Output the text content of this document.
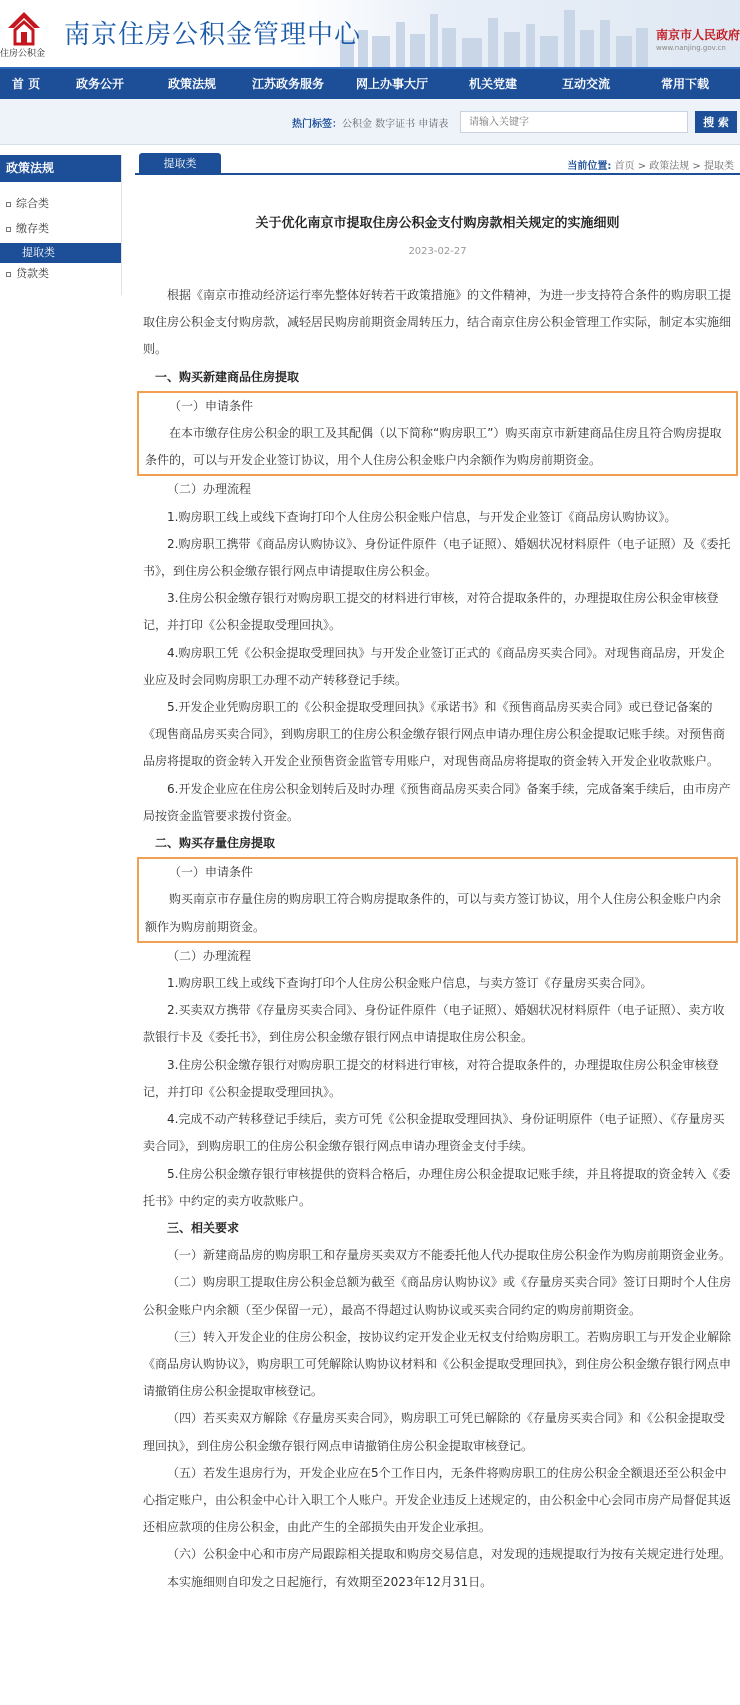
住房公积金
南京住房公积金管理中心	南京市人民政府
www.nanjing.gov.cn
首 页	政务公开	政策法规	江苏政务服务	网上办事大厅	机关党建	互动交流	常用下载
热门标签：公积金 数字证书 申请表
请输入关键字	搜 索
政策法规
综合类
缴存类
提取类
贷款类
提取类	当前位置: 首页 > 政策法规 > 提取类
关于优化南京市提取住房公积金支付购房款相关规定的实施细则
2023-02-27
根据《南京市推动经济运行率先整体好转若干政策措施》的文件精神，为进一步支持符合条件的购房职工提取住房公积金支付购房款，减轻居民购房前期资金周转压力，结合南京住房公积金管理工作实际，制定本实施细则。
一、购买新建商品住房提取
（一）申请条件
在本市缴存住房公积金的职工及其配偶（以下简称“购房职工”）购买南京市新建商品住房且符合购房提取条件的，可以与开发企业签订协议，用个人住房公积金账户内余额作为购房前期资金。
（二）办理流程
1.购房职工线上或线下查询打印个人住房公积金账户信息，与开发企业签订《商品房认购协议》。
2.购房职工携带《商品房认购协议》、身份证件原件（电子证照）、婚姻状况材料原件（电子证照）及《委托书》，到住房公积金缴存银行网点申请提取住房公积金。
3.住房公积金缴存银行对购房职工提交的材料进行审核，对符合提取条件的，办理提取住房公积金审核登记，并打印《公积金提取受理回执》。
4.购房职工凭《公积金提取受理回执》与开发企业签订正式的《商品房买卖合同》。对现售商品房，开发企业应及时会同购房职工办理不动产转移登记手续。
5.开发企业凭购房职工的《公积金提取受理回执》《承诺书》和《预售商品房买卖合同》或已登记备案的《现售商品房买卖合同》，到购房职工的住房公积金缴存银行网点申请办理住房公积金提取记账手续。对预售商品房将提取的资金转入开发企业预售资金监管专用账户，对现售商品房将提取的资金转入开发企业收款账户。
6.开发企业应在住房公积金划转后及时办理《预售商品房买卖合同》备案手续，完成备案手续后，由市房产局按资金监管要求拨付资金。
二、购买存量住房提取
（一）申请条件
购买南京市存量住房的购房职工符合购房提取条件的，可以与卖方签订协议，用个人住房公积金账户内余额作为购房前期资金。
（二）办理流程
1.购房职工线上或线下查询打印个人住房公积金账户信息，与卖方签订《存量房买卖合同》。
2.买卖双方携带《存量房买卖合同》、身份证件原件（电子证照）、婚姻状况材料原件（电子证照）、卖方收款银行卡及《委托书》，到住房公积金缴存银行网点申请提取住房公积金。
3.住房公积金缴存银行对购房职工提交的材料进行审核，对符合提取条件的，办理提取住房公积金审核登记，并打印《公积金提取受理回执》。
4.完成不动产转移登记手续后，卖方可凭《公积金提取受理回执》、身份证明原件（电子证照）、《存量房买卖合同》，到购房职工的住房公积金缴存银行网点申请办理资金支付手续。
5.住房公积金缴存银行审核提供的资料合格后，办理住房公积金提取记账手续，并且将提取的资金转入《委托书》中约定的卖方收款账户。
三、相关要求
（一）新建商品房的购房职工和存量房买卖双方不能委托他人代办提取住房公积金作为购房前期资金业务。
（二）购房职工提取住房公积金总额为截至《商品房认购协议》或《存量房买卖合同》签订日期时个人住房公积金账户内余额（至少保留一元），最高不得超过认购协议或买卖合同约定的购房前期资金。
（三）转入开发企业的住房公积金，按协议约定开发企业无权支付给购房职工。若购房职工与开发企业解除《商品房认购协议》，购房职工可凭解除认购协议材料和《公积金提取受理回执》，到住房公积金缴存银行网点申请撤销住房公积金提取审核登记。
（四）若买卖双方解除《存量房买卖合同》，购房职工可凭已解除的《存量房买卖合同》和《公积金提取受理回执》，到住房公积金缴存银行网点申请撤销住房公积金提取审核登记。
（五）若发生退房行为，开发企业应在5个工作日内，无条件将购房职工的住房公积金全额退还至公积金中心指定账户，由公积金中心计入职工个人账户。开发企业违反上述规定的，由公积金中心会同市房产局督促其返还相应款项的住房公积金，由此产生的全部损失由开发企业承担。
（六）公积金中心和市房产局跟踪相关提取和购房交易信息，对发现的违规提取行为按有关规定进行处理。
本实施细则自印发之日起施行，有效期至2023年12月31日。
